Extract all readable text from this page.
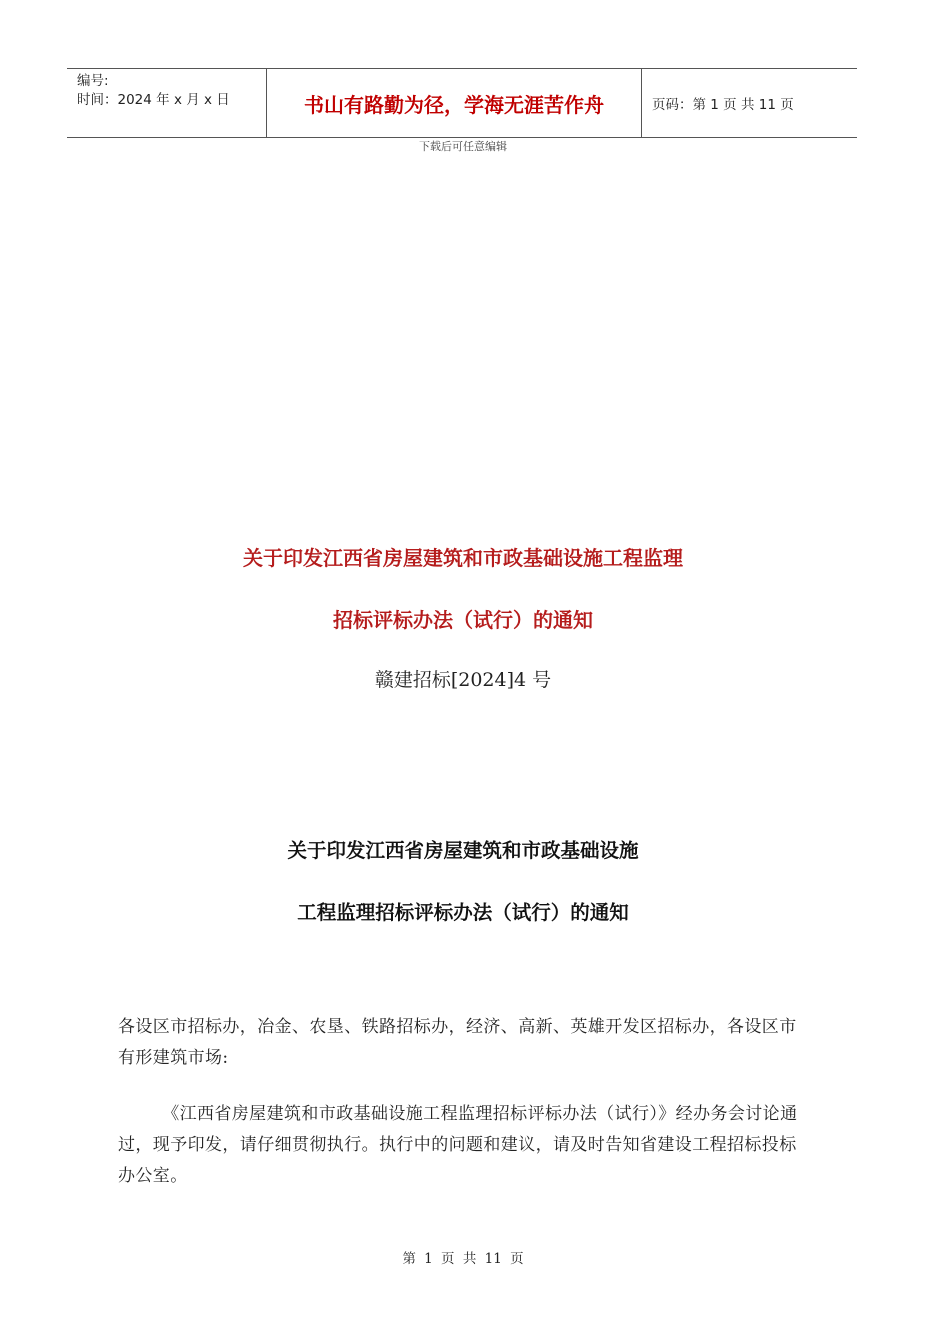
编号:
时间：2024 年 x 月 x 日	书山有路勤为径，学海无涯苦作舟	页码：第 1 页 共 11 页
下载后可任意编辑
关于印发江西省房屋建筑和市政基础设施工程监理
招标评标办法（试行）的通知
赣建招标[2024]4 号
关于印发江西省房屋建筑和市政基础设施
工程监理招标评标办法（试行）的通知
各设区市招标办，冶金、农垦、铁路招标办，经济、高新、英雄开发区招标办，各设区市有形建筑市场:
《江西省房屋建筑和市政基础设施工程监理招标评标办法（试行）》经办务会讨论通过，现予印发，请仔细贯彻执行。执行中的问题和建议，请及时告知省建设工程招标投标办公室。
第 1 页 共 11 页
